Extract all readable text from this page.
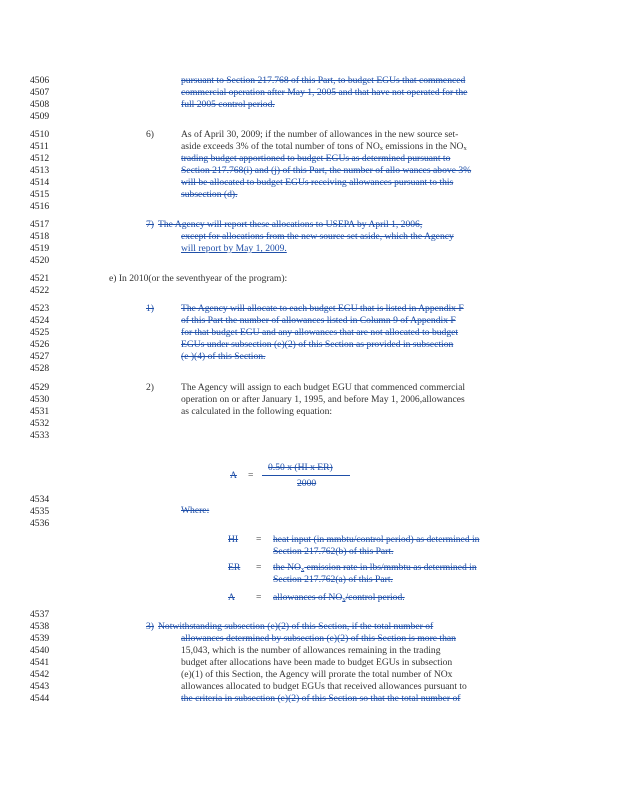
4506
4507
4508
4509
4510
4511
4512
4513
4514
4515
4516
4517
4518
4519
4520
4521
4522
4523
4524
4525
4526
4527
4528
4529
4530
4531
4532
4533
4534
4535
4536
4537
4538
4539
4540
4541
4542
4543
4544
pursuant to Section 217.768 of this Part, to budget EGUs that commenced
commercial operation after May 1, 2005 and that have not operated for the
full 2005 control period.
6)	As of April 30, 2009; if the number of allowances in the new source set-
aside exceeds 3% of the total number of tons of $NO_x$ emissions in the $NO_x$
trading budget apportioned to budget EGUs as determined pursuant to
Section 217.768(i) and (j) of this Part, the number of allo wances above 3%
will be allocated to budget EGUs receiving allowances pursuant to this
subsection (d).
7) The Agency will report these allocations to USEPA by April 1, 2006,
except for allocations from the new source set aside, which the Agency
will report by May 1, 2009.
e) In 2010(or the seventhyear of the program):
1)	The Agency will allocate to each budget EGU that is listed in Appendix F
of this Part the number of allowances listed in Column 9 of Appendix F
for that budget EGU and any allowances that are not allocated to budget
EGUs under subsection (e)(2) of this Section as provided in subsection
(e )(4) of this Section.
2)	The Agency will assign to each budget EGU that commenced commercial
operation on or after January 1, 1995, and before May 1, 2006,allowances
as calculated in the following equation:
A =
0.50 x (HI x ER)
2000
Where:
HI = heat input (in mmbtu/control period) as determined in
Section 217.762(b) of this Part.
ER = the $NO_x$ emission rate in lbs/mmbtu as determined in
Section 217.762(a) of this Part.
A = allowances of $NO_x$/control period.
3) Notwithstanding subsection (e)(2) of this Section, if the total number of
allowances determined by subsection (e)(2) of this Section is more than
15,043, which is the number of allowances remaining in the trading
budget after allocations have been made to budget EGUs in subsection
(e)(1) of this Section, the Agency will prorate the total number of NOx
allowances allocated to budget EGUs that received allowances pursuant to
the criteria in subsection (e)(2) of this Section so that the total number of
